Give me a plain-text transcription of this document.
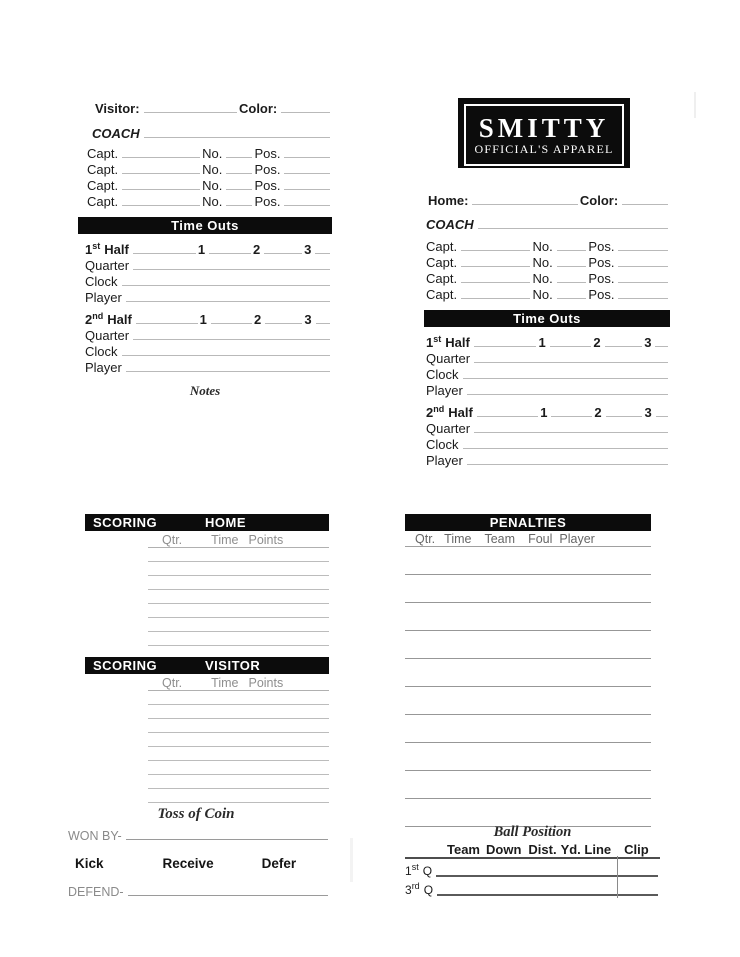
Visitor:	Color:
COACH
Capt.	No. Pos.
Capt.	No. Pos.
Capt.	No. Pos.
Capt.	No. Pos.
Time Outs
1st Half	1	2	3
Quarter
Clock
Player
2nd Half	1	2	3
Quarter
Clock
Player
Notes
SMITTY
OFFICIAL'S APPAREL
Home:	Color:
COACH
Capt.	No.	Pos.
Capt.	No.	Pos.
Capt.	No.	Pos.
Capt.	No.	Pos.
Time Outs
1st Half	1	2	3
Quarter
Clock
Player
2nd Half	1	2	3
Quarter
Clock
Player
SCORING	HOME
Qtr. Time Points
SCORING	VISITOR
Qtr. Time Points
PENALTIES
Qtr. Time Team Foul Player
Toss of Coin
WON BY-
Kick	Receive	Defer
DEFEND-
Ball Position
Team Down Dist. Yd. Line Clip
1st Q
3rd Q
